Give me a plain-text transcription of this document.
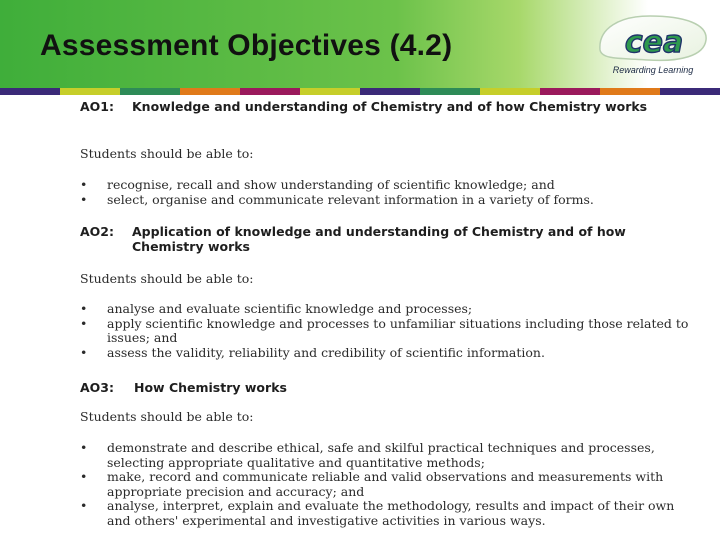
Assessment Objectives (4.2)	cea
Rewarding Learning
AO1:	Knowledge and understanding of Chemistry and of how Chemistry works

Students should be able to:

• recognise, recall and show understanding of scientific knowledge; and
• select, organise and communicate relevant information in a variety of forms.
AO2:	Application of knowledge and understanding of Chemistry and of how Chemistry works

Students should be able to:

• analyse and evaluate scientific knowledge and processes;
• apply scientific knowledge and processes to unfamiliar situations including those related to issues; and
• assess the validity, reliability and credibility of scientific information.
AO3:	How Chemistry works

Students should be able to:

• demonstrate and describe ethical, safe and skilful practical techniques and processes, selecting appropriate qualitative and quantitative methods;
• make, record and communicate reliable and valid observations and measurements with appropriate precision and accuracy; and
• analyse, interpret, explain and evaluate the methodology, results and impact of their own and others' experimental and investigative activities in various ways.
